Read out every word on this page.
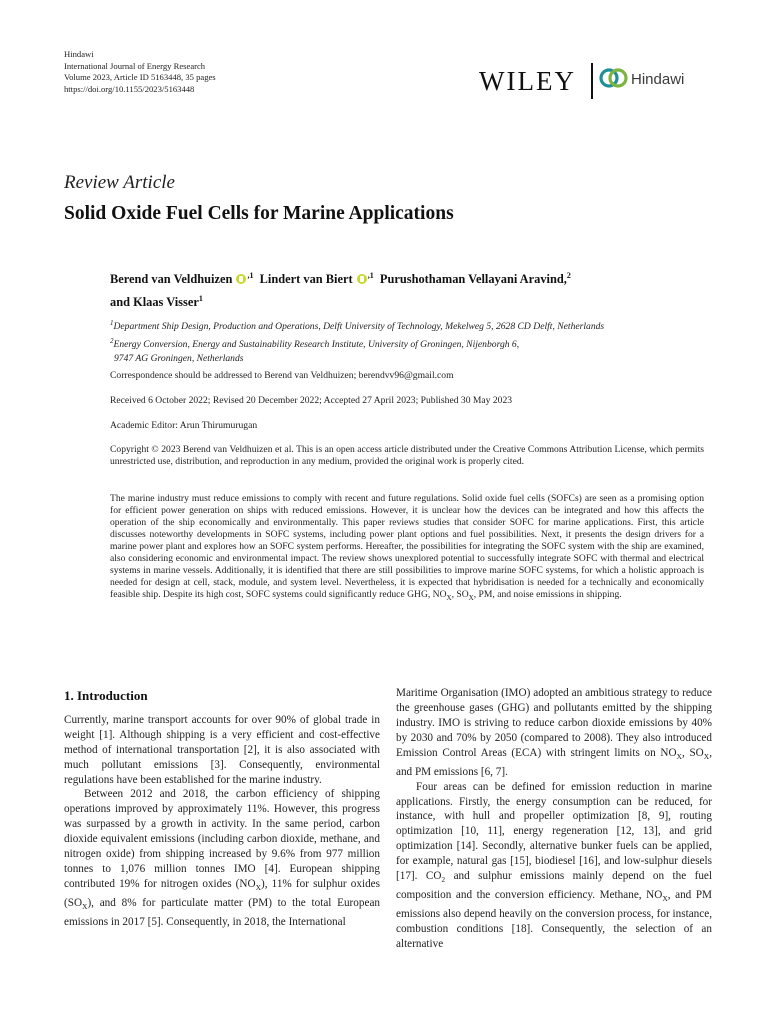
Hindawi
International Journal of Energy Research
Volume 2023, Article ID 5163448, 35 pages
https://doi.org/10.1155/2023/5163448	WILEY	Hindawi
Review Article
Solid Oxide Fuel Cells for Marine Applications
Berend van Veldhuizen $^{,1}$ Lindert van Biert $^{,1}$ Purushothaman Vellayani Aravind,$^2$
and Klaas Visser$^1$
$^1$Department Ship Design, Production and Operations, Delft University of Technology, Mekelweg 5, 2628 CD Delft, Netherlands
$^2$Energy Conversion, Energy and Sustainability Research Institute, University of Groningen, Nijenborgh 6,
9747 AG Groningen, Netherlands
Correspondence should be addressed to Berend van Veldhuizen; berendvv96@gmail.com
Received 6 October 2022; Revised 20 December 2022; Accepted 27 April 2023; Published 30 May 2023
Academic Editor: Arun Thirumurugan
Copyright © 2023 Berend van Veldhuizen et al. This is an open access article distributed under the Creative Commons Attribution License, which permits unrestricted use, distribution, and reproduction in any medium, provided the original work is properly cited.
The marine industry must reduce emissions to comply with recent and future regulations. Solid oxide fuel cells (SOFCs) are seen as a promising option for efficient power generation on ships with reduced emissions. However, it is unclear how the devices can be integrated and how this affects the operation of the ship economically and environmentally. This paper reviews studies that consider SOFC for marine applications. First, this article discusses noteworthy developments in SOFC systems, including power plant options and fuel possibilities. Next, it presents the design drivers for a marine power plant and explores how an SOFC system performs. Hereafter, the possibilities for integrating the SOFC system with the ship are examined, also considering economic and environmental impact. The review shows unexplored potential to successfully integrate SOFC with thermal and electrical systems in marine vessels. Additionally, it is identified that there are still possibilities to improve marine SOFC systems, for which a holistic approach is needed for design at cell, stack, module, and system level. Nevertheless, it is expected that hybridisation is needed for a technically and economically feasible ship. Despite its high cost, SOFC systems could significantly reduce GHG, $NO_X$, $SO_X$, PM, and noise emissions in shipping.
1. Introduction

Currently, marine transport accounts for over 90% of global trade in weight [1]. Although shipping is a very efficient and cost-effective method of international transportation [2], it is also associated with much pollutant emissions [3]. Consequently, environmental regulations have been established for the marine industry.

Between 2012 and 2018, the carbon efficiency of shipping operations improved by approximately 11%. However, this progress was surpassed by a growth in activity. In the same period, carbon dioxide equivalent emissions (including carbon dioxide, methane, and nitrogen oxide) from shipping increased by 9.6% from 977 million tonnes to 1,076 million tonnes IMO [4]. European shipping contributed 19% for nitrogen oxides $(NO_X)$, 11% for sulphur oxides $(SO_X)$, and 8% for particulate matter (PM) to the total European emissions in 2017 [5]. Consequently, in 2018, the International

Maritime Organisation (IMO) adopted an ambitious strategy to reduce the greenhouse gases (GHG) and pollutants emitted by the shipping industry. IMO is striving to reduce carbon dioxide emissions by 40% by 2030 and 70% by 2050 (compared to 2008). They also introduced Emission Control Areas (ECA) with stringent limits on $NO_X$, $SO_X$, and PM emissions [6, 7].

Four areas can be defined for emission reduction in marine applications. Firstly, the energy consumption can be reduced, for instance, with hull and propeller optimization [8, 9], routing optimization [10, 11], energy regeneration [12, 13], and grid optimization [14]. Secondly, alternative bunker fuels can be applied, for example, natural gas [15], biodiesel [16], and low-sulphur diesels [17]. $CO_2$ and sulphur emissions mainly depend on the fuel composition and the conversion efficiency. Methane, $NO_X$, and PM emissions also depend heavily on the conversion process, for instance, combustion conditions [18]. Consequently, the selection of an alternative
